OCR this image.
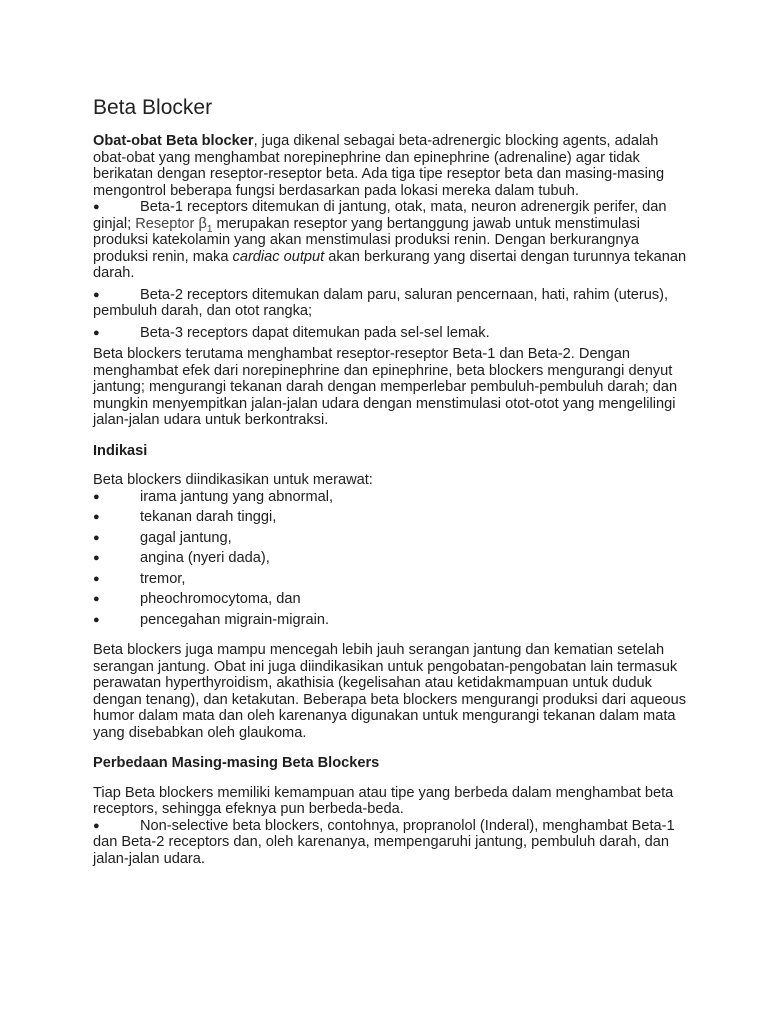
Beta Blocker

Obat-obat Beta blocker, juga dikenal sebagai beta-adrenergic blocking agents, adalah obat-obat yang menghambat norepinephrine dan epinephrine (adrenaline) agar tidak berikatan dengan reseptor-reseptor beta. Ada tiga tipe reseptor beta dan masing-masing mengontrol beberapa fungsi berdasarkan pada lokasi mereka dalam tubuh.

●	Beta-1 receptors ditemukan di jantung, otak, mata, neuron adrenergik perifer, dan ginjal; Reseptor $\beta_1$ merupakan reseptor yang bertanggung jawab untuk menstimulasi produksi katekolamin yang akan menstimulasi produksi renin. Dengan berkurangnya produksi renin, maka cardiac output akan berkurang yang disertai dengan turunnya tekanan darah.
●	Beta-2 receptors ditemukan dalam paru, saluran pencernaan, hati, rahim (uterus), pembuluh darah, dan otot rangka;
●	Beta-3 receptors dapat ditemukan pada sel-sel lemak.

Beta blockers terutama menghambat reseptor-reseptor Beta-1 dan Beta-2. Dengan menghambat efek dari norepinephrine dan epinephrine, beta blockers mengurangi denyut jantung; mengurangi tekanan darah dengan memperlebar pembuluh-pembuluh darah; dan mungkin menyempitkan jalan-jalan udara dengan menstimulasi otot-otot yang mengelilingi jalan-jalan udara untuk berkontraksi.

Indikasi

Beta blockers diindikasikan untuk merawat:

●	irama jantung yang abnormal,
●	tekanan darah tinggi,
●	gagal jantung,
●	angina (nyeri dada),
●	tremor,
●	pheochromocytoma, dan
●	pencegahan migrain-migrain.

Beta blockers juga mampu mencegah lebih jauh serangan jantung dan kematian setelah serangan jantung. Obat ini juga diindikasikan untuk pengobatan-pengobatan lain termasuk perawatan hyperthyroidism, akathisia (kegelisahan atau ketidakmampuan untuk duduk dengan tenang), dan ketakutan. Beberapa beta blockers mengurangi produksi dari aqueous humor dalam mata dan oleh karenanya digunakan untuk mengurangi tekanan dalam mata yang disebabkan oleh glaukoma.

Perbedaan Masing-masing Beta Blockers

Tiap Beta blockers memiliki kemampuan atau tipe yang berbeda dalam menghambat beta receptors, sehingga efeknya pun berbeda-beda.

●	Non-selective beta blockers, contohnya, propranolol (Inderal), menghambat Beta-1 dan Beta-2 receptors dan, oleh karenanya, mempengaruhi jantung, pembuluh darah, dan jalan-jalan udara.
